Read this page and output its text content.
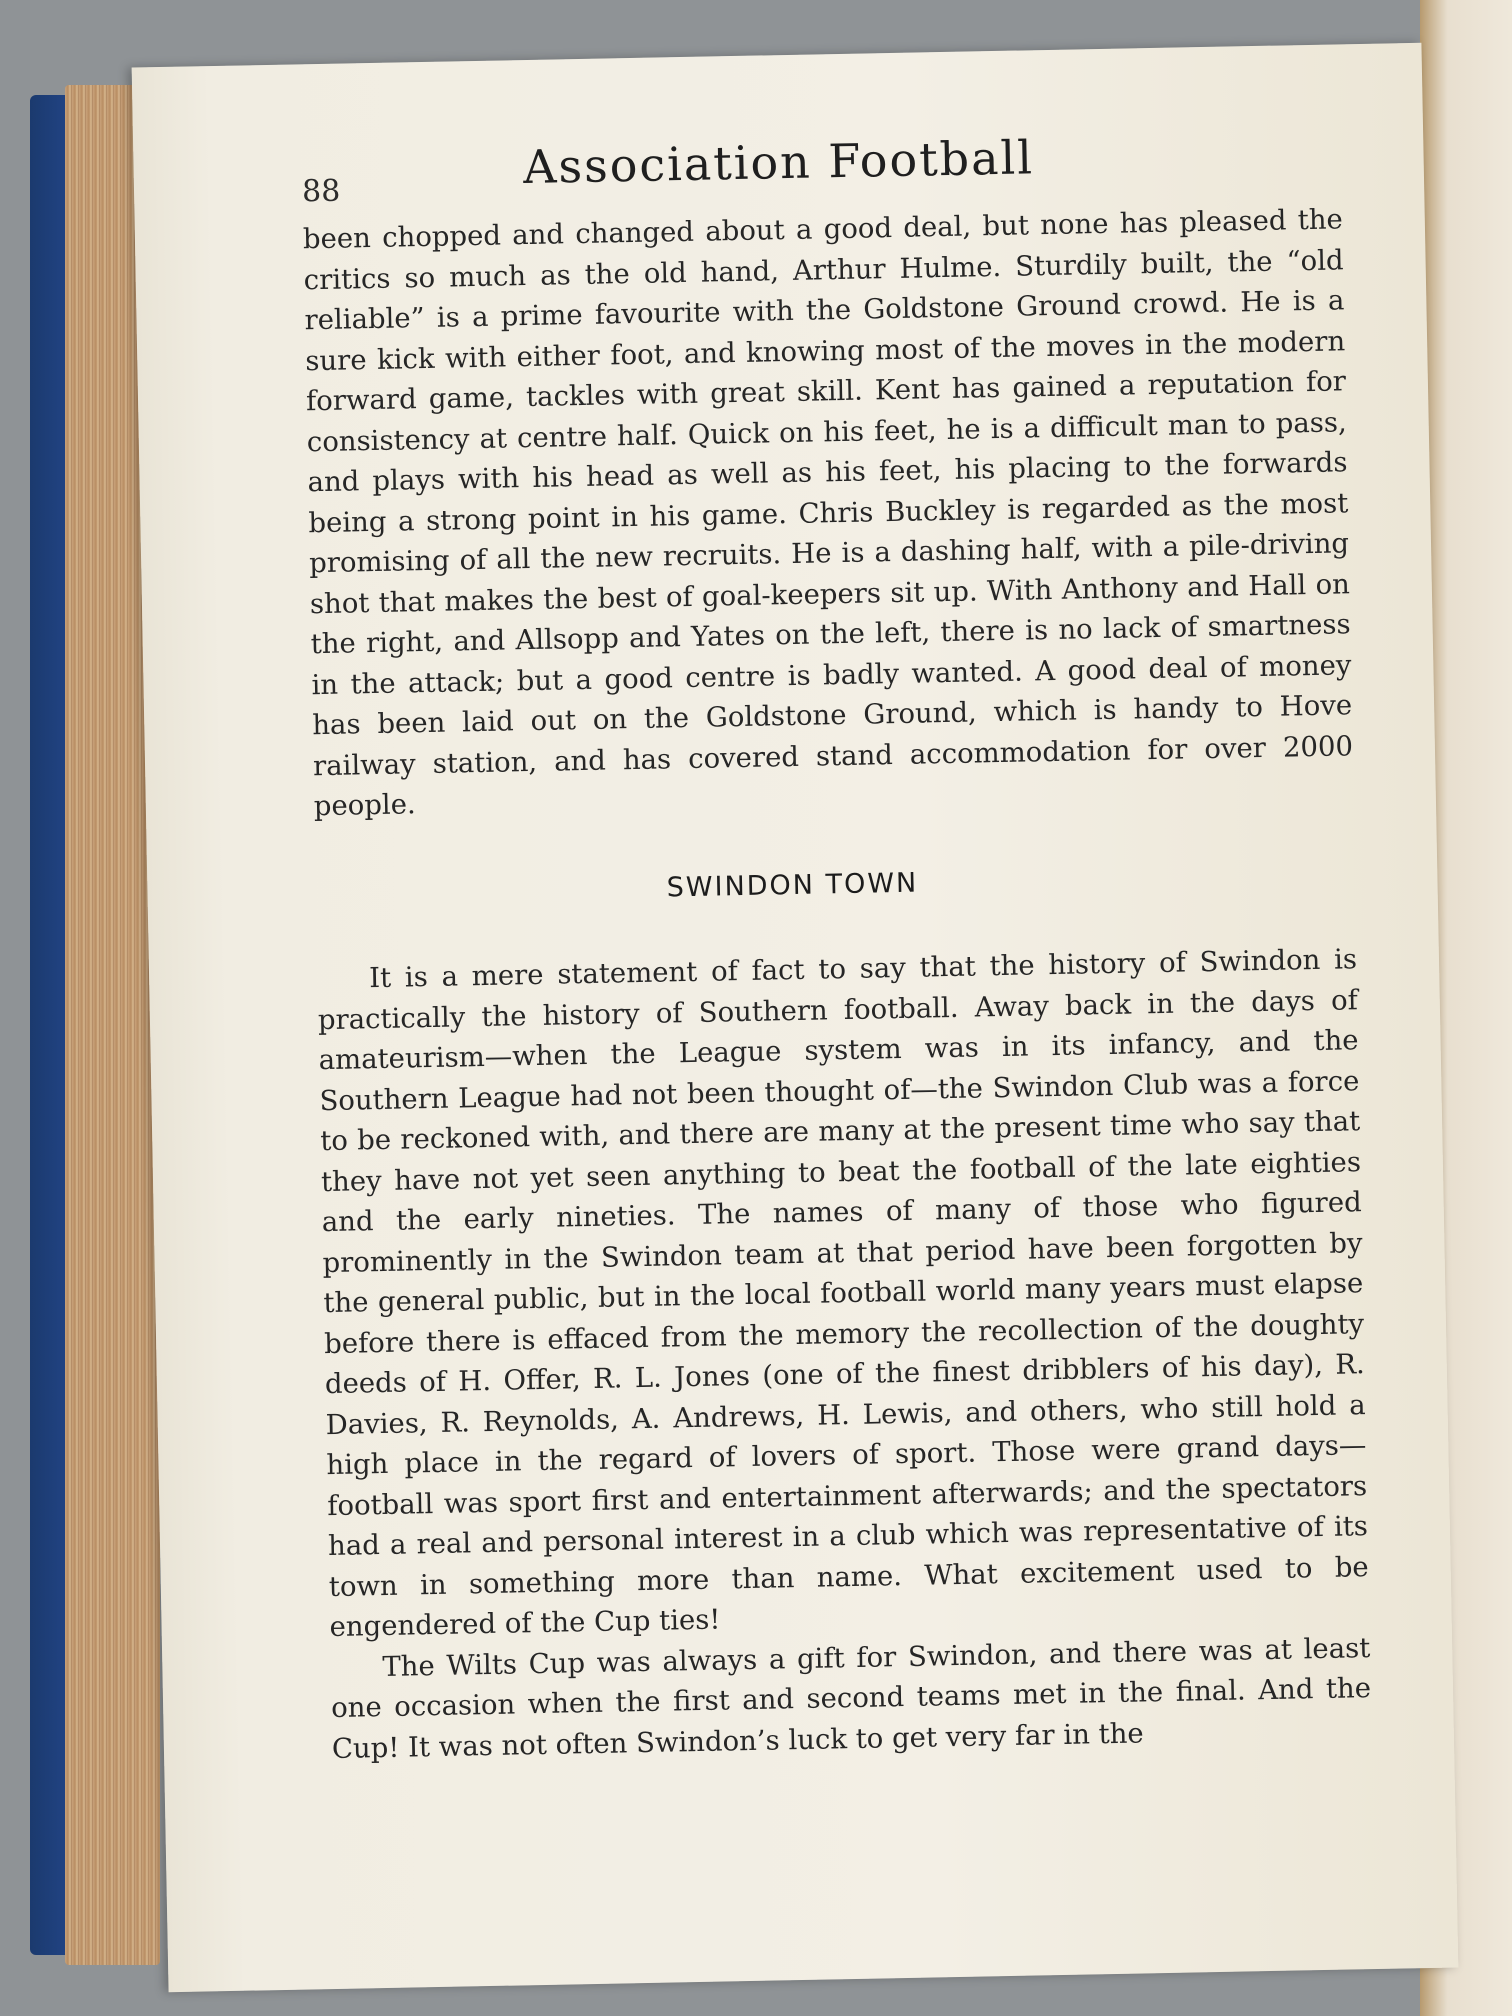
88	Association Football

been chopped and changed about a good deal, but none has pleased the critics so much as the old hand, Arthur Hulme. Sturdily built, the “old reliable” is a prime favourite with the Goldstone Ground crowd. He is a sure kick with either foot, and knowing most of the moves in the modern forward game, tackles with great skill. Kent has gained a reputation for consistency at centre half. Quick on his feet, he is a difficult man to pass, and plays with his head as well as his feet, his placing to the forwards being a strong point in his game. Chris Buckley is regarded as the most promising of all the new recruits. He is a dashing half, with a pile-driving shot that makes the best of goal-keepers sit up. With Anthony and Hall on the right, and Allsopp and Yates on the left, there is no lack of smartness in the attack; but a good centre is badly wanted. A good deal of money has been laid out on the Goldstone Ground, which is handy to Hove railway station, and has covered stand accommodation for over 2000 people.

SWINDON TOWN

It is a mere statement of fact to say that the history of Swindon is practically the history of Southern football. Away back in the days of amateurism—when the League system was in its infancy, and the Southern League had not been thought of—the Swindon Club was a force to be reckoned with, and there are many at the present time who say that they have not yet seen anything to beat the football of the late eighties and the early nineties. The names of many of those who figured prominently in the Swindon team at that period have been forgotten by the general public, but in the local football world many years must elapse before there is effaced from the memory the recollection of the doughty deeds of H. Offer, R. L. Jones (one of the finest dribblers of his day), R. Davies, R. Reynolds, A. Andrews, H. Lewis, and others, who still hold a high place in the regard of lovers of sport. Those were grand days—football was sport first and entertainment afterwards; and the spectators had a real and personal interest in a club which was representative of its town in something more than name. What excitement used to be engendered of the Cup ties!

The Wilts Cup was always a gift for Swindon, and there was at least one occasion when the first and second teams met in the final. And the Cup! It was not often Swindon’s luck to get very far in the
